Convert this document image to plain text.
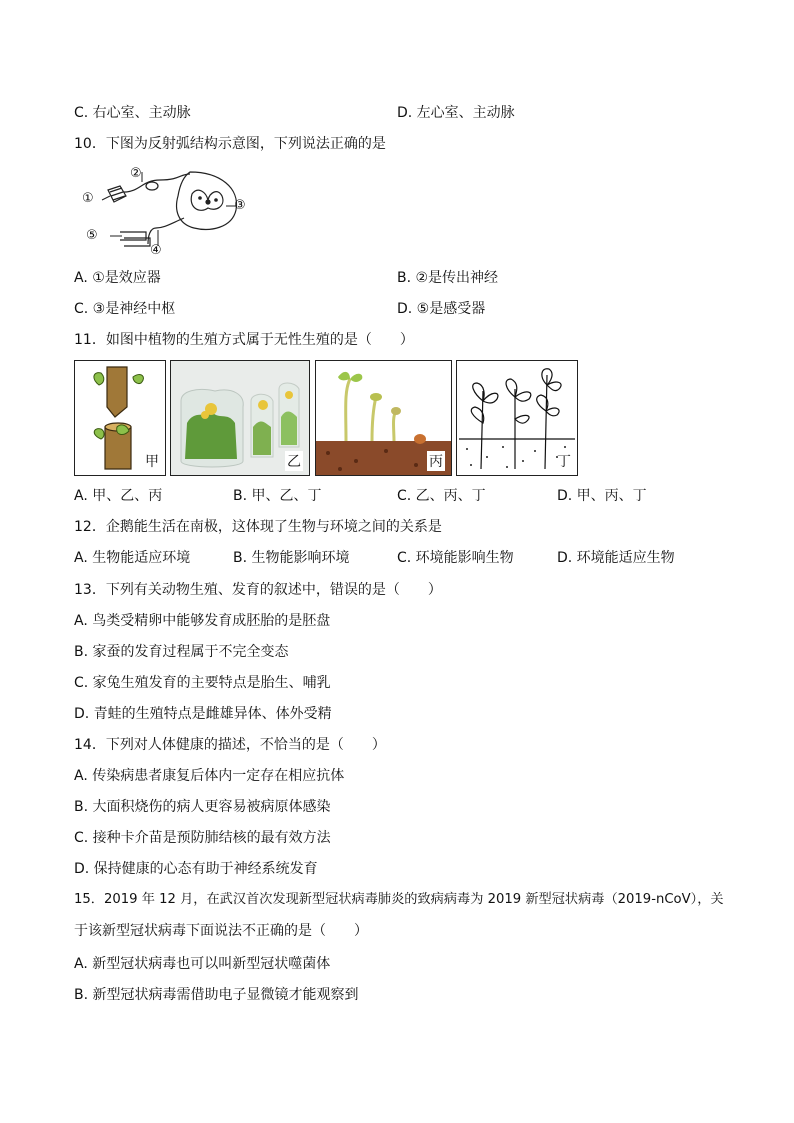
C. 右心室、主动脉	D. 左心室、主动脉
10．下图为反射弧结构示意图，下列说法正确的是
①
②
③
④
⑤
A. ①是效应器	B. ②是传出神经
C. ③是神经中枢	D. ⑤是感受器
11．如图中植物的生殖方式属于无性生殖的是（　　）
甲	乙	丙	丁
A. 甲、乙、丙	B. 甲、乙、丁	C. 乙、丙、丁	D. 甲、丙、丁
12．企鹅能生活在南极，这体现了生物与环境之间的关系是
A. 生物能适应环境	B. 生物能影响环境	C. 环境能影响生物	D. 环境能适应生物
13．下列有关动物生殖、发育的叙述中，错误的是（　　）
A. 鸟类受精卵中能够发育成胚胎的是胚盘
B. 家蚕的发育过程属于不完全变态
C. 家兔生殖发育的主要特点是胎生、哺乳
D. 青蛙的生殖特点是雌雄异体、体外受精
14．下列对人体健康的描述，不恰当的是（　　）
A. 传染病患者康复后体内一定存在相应抗体
B. 大面积烧伤的病人更容易被病原体感染
C. 接种卡介苗是预防肺结核的最有效方法
D. 保持健康的心态有助于神经系统发育
15．2019 年 12 月，在武汉首次发现新型冠状病毒肺炎的致病病毒为 2019 新型冠状病毒（2019-nCoV），关
于该新型冠状病毒下面说法不正确的是（　　）
A. 新型冠状病毒也可以叫新型冠状噬菌体
B. 新型冠状病毒需借助电子显微镜才能观察到
